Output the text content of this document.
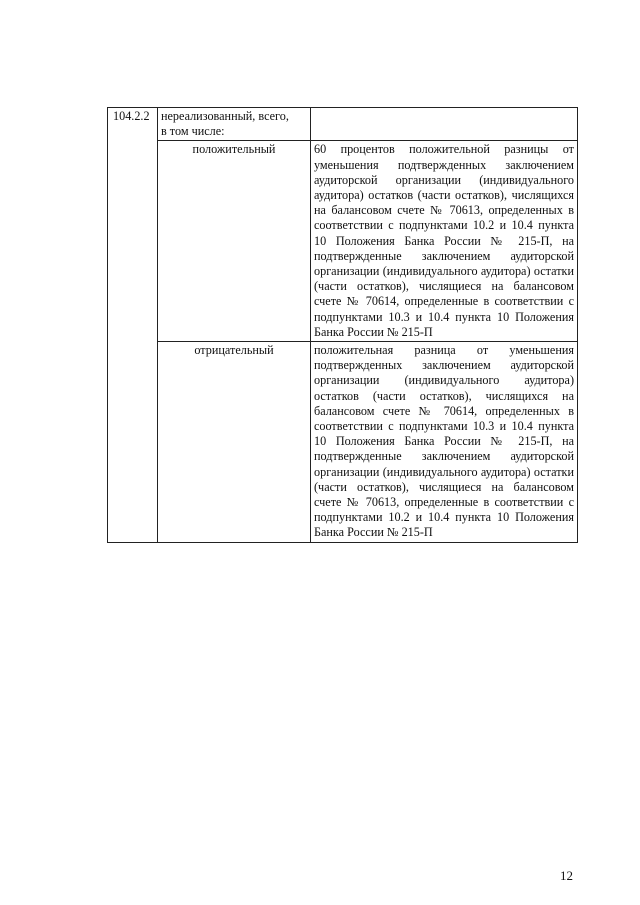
104.2.2	нереализованный, всего,
в том числе:	
	положительный	60 процентов положительной разницы от уменьшения подтвержденных заключением аудиторской организации (индивидуального аудитора) остатков (части остатков), числящихся на балансовом счете № 70613, определенных в соответствии с подпунктами 10.2 и 10.4 пункта 10 Положения Банка России № 215-П, на подтвержденные заключением аудиторской организации (индивидуального аудитора) остатки (части остатков), числящиеся на балансовом счете № 70614, определенные в соответствии с подпунктами 10.3 и 10.4 пункта 10 Положения Банка России № 215-П
	отрицательный	положительная разница от уменьшения подтвержденных заключением аудиторской организации (индивидуального аудитора) остатков (части остатков), числящихся на балансовом счете № 70614, определенных в соответствии с подпунктами 10.3 и 10.4 пункта 10 Положения Банка России № 215-П, на подтвержденные заключением аудиторской организации (индивидуального аудитора) остатки (части остатков), числящиеся на балансовом счете № 70613, определенные в соответствии с подпунктами 10.2 и 10.4 пункта 10 Положения Банка России № 215-П
12
